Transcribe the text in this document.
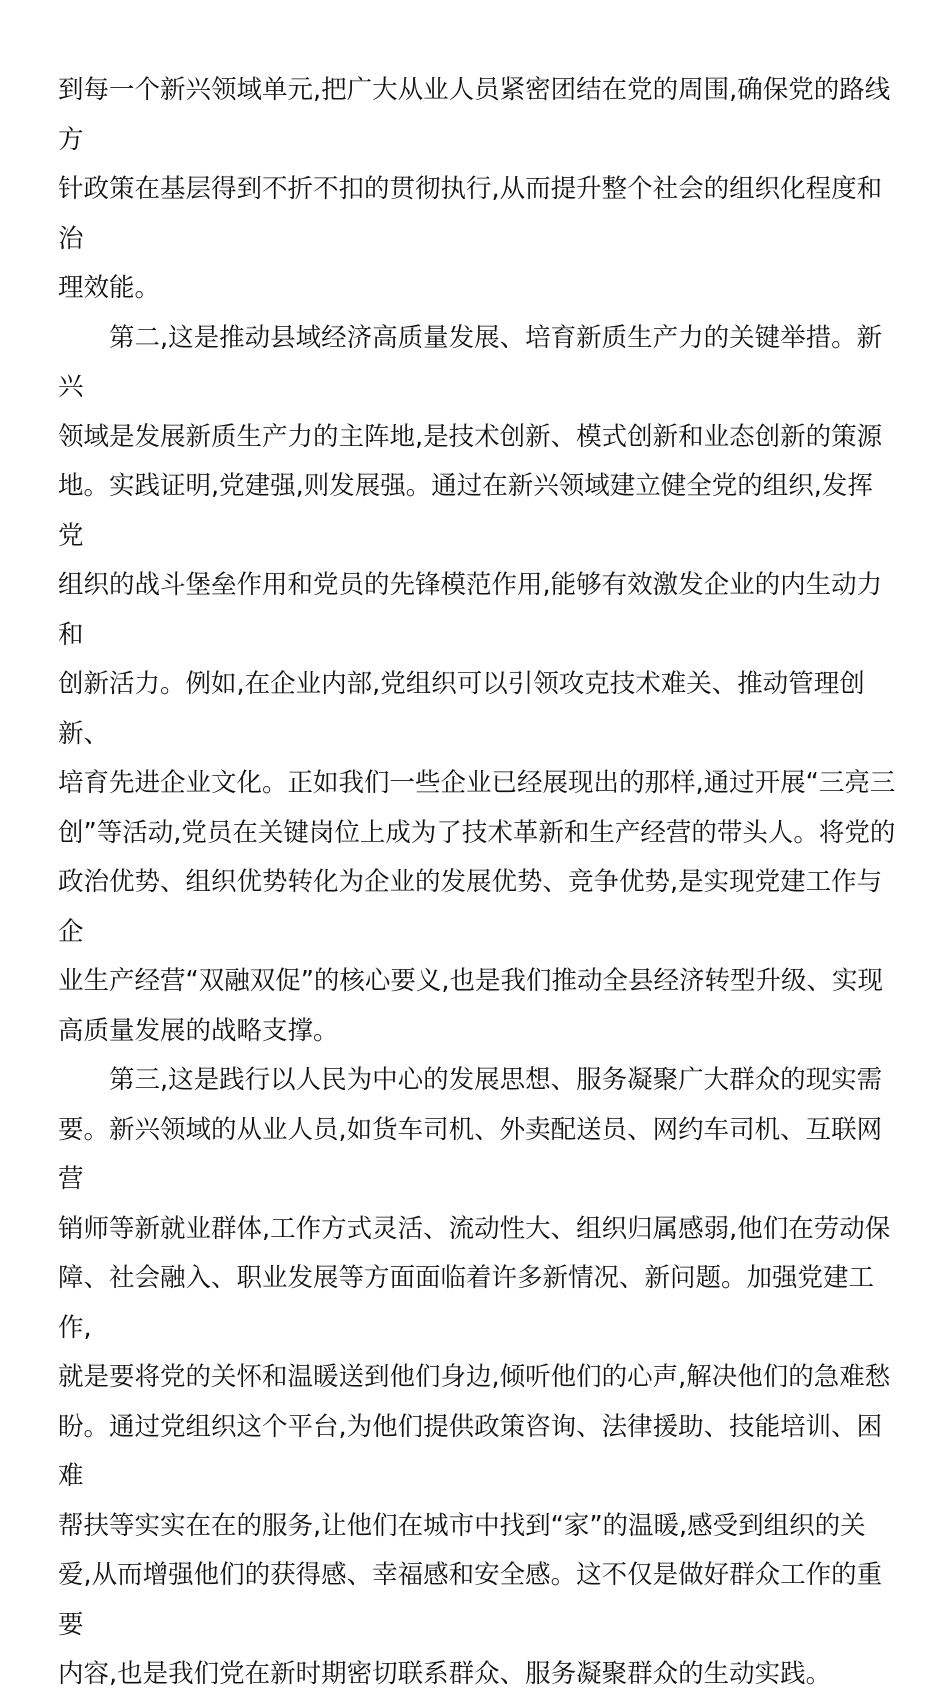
到每一个新兴领域单元,把广大从业人员紧密团结在党的周围,确保党的路线方
针政策在基层得到不折不扣的贯彻执行,从而提升整个社会的组织化程度和治
理效能。

第二,这是推动县域经济高质量发展、培育新质生产力的关键举措。新兴
领域是发展新质生产力的主阵地,是技术创新、模式创新和业态创新的策源
地。实践证明,党建强,则发展强。通过在新兴领域建立健全党的组织,发挥党
组织的战斗堡垒作用和党员的先锋模范作用,能够有效激发企业的内生动力和
创新活力。例如,在企业内部,党组织可以引领攻克技术难关、推动管理创新、
培育先进企业文化。正如我们一些企业已经展现出的那样,通过开展“三亮三
创”等活动,党员在关键岗位上成为了技术革新和生产经营的带头人。将党的
政治优势、组织优势转化为企业的发展优势、竞争优势,是实现党建工作与企
业生产经营“双融双促”的核心要义,也是我们推动全县经济转型升级、实现
高质量发展的战略支撑。

第三,这是践行以人民为中心的发展思想、服务凝聚广大群众的现实需
要。新兴领域的从业人员,如货车司机、外卖配送员、网约车司机、互联网营
销师等新就业群体,工作方式灵活、流动性大、组织归属感弱,他们在劳动保
障、社会融入、职业发展等方面面临着许多新情况、新问题。加强党建工作,
就是要将党的关怀和温暖送到他们身边,倾听他们的心声,解决他们的急难愁
盼。通过党组织这个平台,为他们提供政策咨询、法律援助、技能培训、困难
帮扶等实实在在的服务,让他们在城市中找到“家”的温暖,感受到组织的关
爱,从而增强他们的获得感、幸福感和安全感。这不仅是做好群众工作的重要
内容,也是我们党在新时期密切联系群众、服务凝聚群众的生动实践。
